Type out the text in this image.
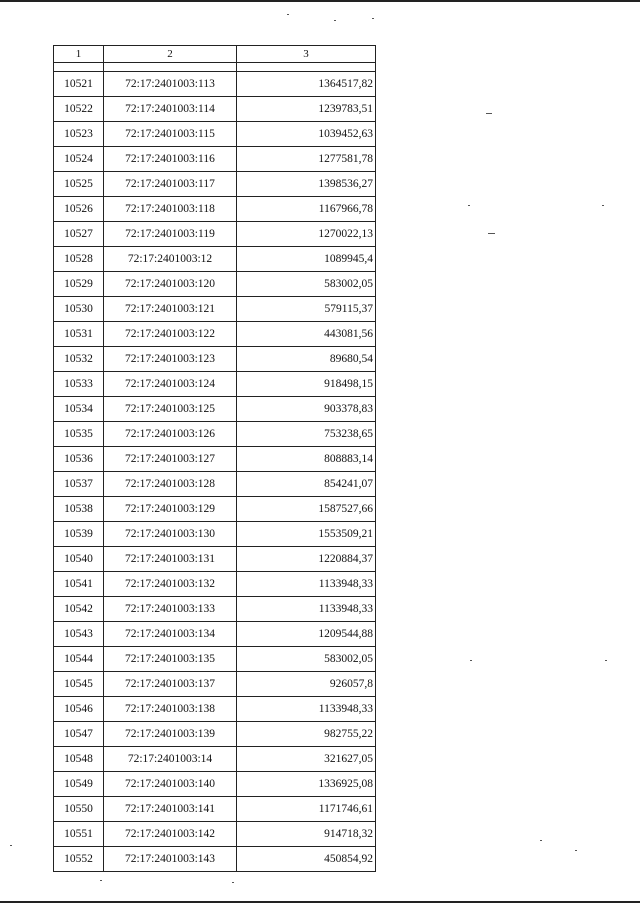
1	2	3

10521	72:17:2401003:113	1364517,82
10522	72:17:2401003:114	1239783,51
10523	72:17:2401003:115	1039452,63
10524	72:17:2401003:116	1277581,78
10525	72:17:2401003:117	1398536,27
10526	72:17:2401003:118	1167966,78
10527	72:17:2401003:119	1270022,13
10528	72:17:2401003:12	1089945,4
10529	72:17:2401003:120	583002,05
10530	72:17:2401003:121	579115,37
10531	72:17:2401003:122	443081,56
10532	72:17:2401003:123	89680,54
10533	72:17:2401003:124	918498,15
10534	72:17:2401003:125	903378,83
10535	72:17:2401003:126	753238,65
10536	72:17:2401003:127	808883,14
10537	72:17:2401003:128	854241,07
10538	72:17:2401003:129	1587527,66
10539	72:17:2401003:130	1553509,21
10540	72:17:2401003:131	1220884,37
10541	72:17:2401003:132	1133948,33
10542	72:17:2401003:133	1133948,33
10543	72:17:2401003:134	1209544,88
10544	72:17:2401003:135	583002,05
10545	72:17:2401003:137	926057,8
10546	72:17:2401003:138	1133948,33
10547	72:17:2401003:139	982755,22
10548	72:17:2401003:14	321627,05
10549	72:17:2401003:140	1336925,08
10550	72:17:2401003:141	1171746,61
10551	72:17:2401003:142	914718,32
10552	72:17:2401003:143	450854,92
